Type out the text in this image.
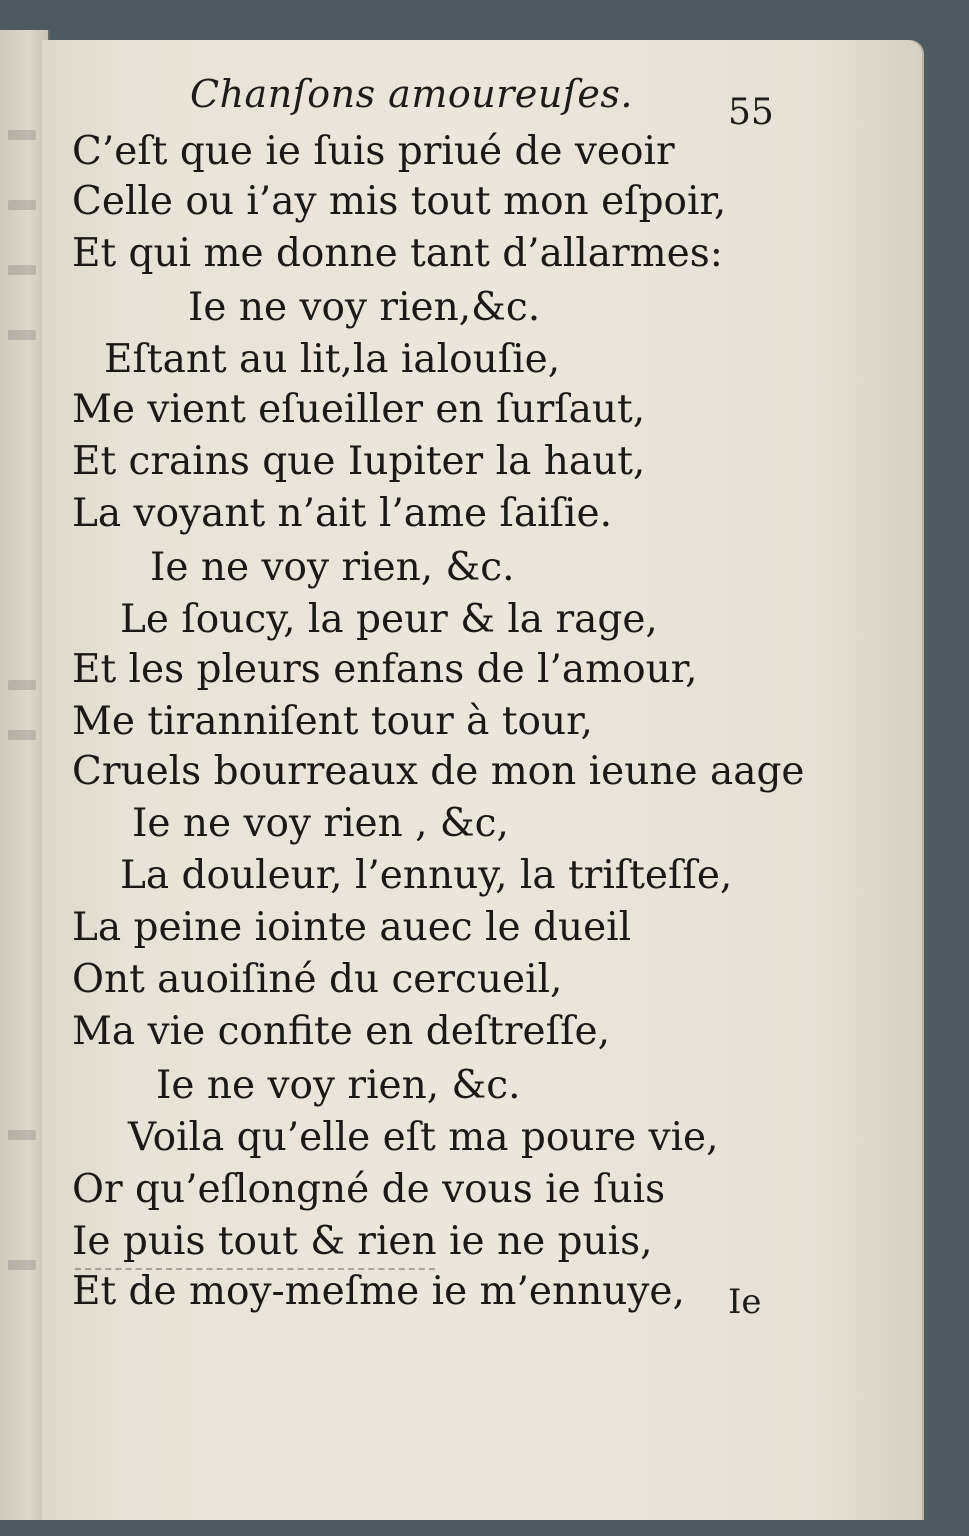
Chanſons amoureuſes.	55
C’eſt que ie ſuis priué de veoir
Celle ou i’ay mis tout mon eſpoir,
Et qui me donne tant d’allarmes:
Ie ne voy rien,&c.
Eſtant au lit,la ialouſie,
Me vient eſueiller en ſurſaut,
Et crains que Iupiter la haut,
La voyant n’ait l’ame ſaiſie.
Ie ne voy rien, &c.
Le ſoucy, la peur & la rage,
Et les pleurs enfans de l’amour,
Me tiranniſent tour à tour,
Cruels bourreaux de mon ieune aage
Ie ne voy rien , &c,
La douleur, l’ennuy, la triſteſſe,
La peine iointe auec le dueil
Ont auoiſiné du cercueil,
Ma vie confite en deſtreſſe,
Ie ne voy rien, &c.
Voila qu’elle eſt ma poure vie,
Or qu’eſlongné de vous ie ſuis
Ie puis tout & rien ie ne puis,
Et de moy-meſme ie m’ennuye, Ie
